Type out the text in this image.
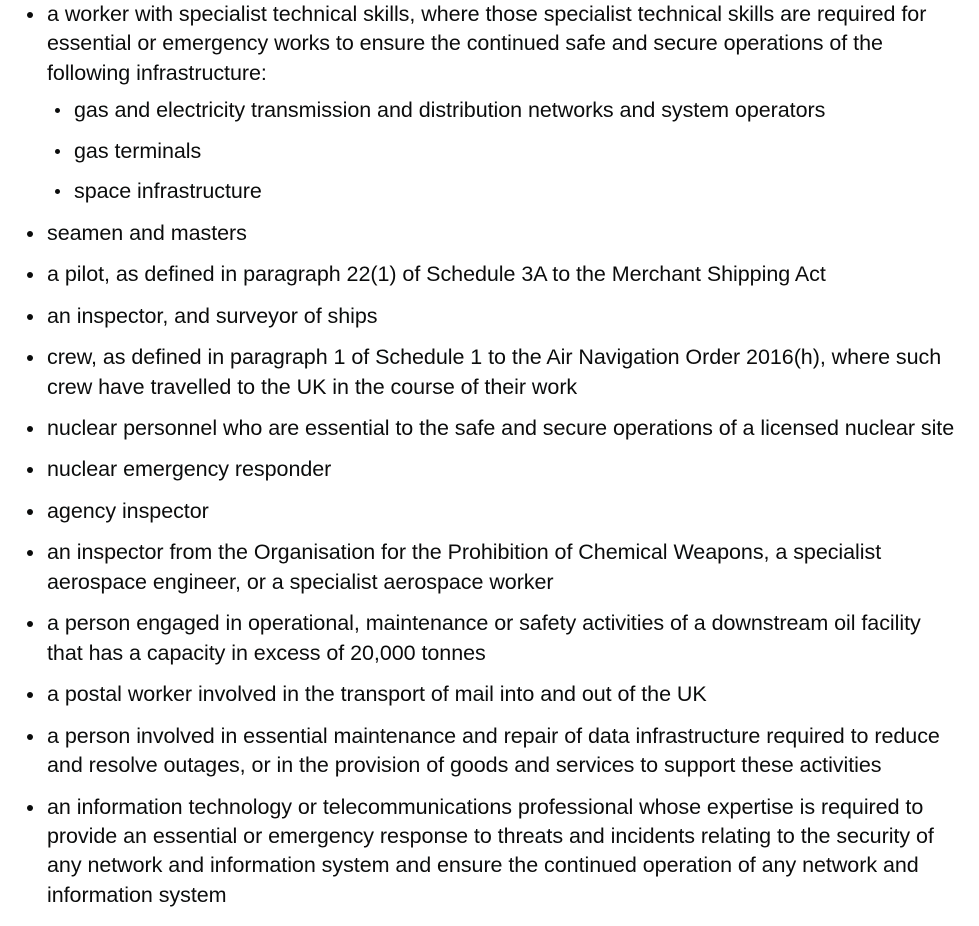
a worker with specialist technical skills, where those specialist technical skills are required for essential or emergency works to ensure the continued safe and secure operations of the following infrastructure:
gas and electricity transmission and distribution networks and system operators
gas terminals
space infrastructure
seamen and masters
a pilot, as defined in paragraph 22(1) of Schedule 3A to the Merchant Shipping Act
an inspector, and surveyor of ships
crew, as defined in paragraph 1 of Schedule 1 to the Air Navigation Order 2016(h), where such crew have travelled to the UK in the course of their work
nuclear personnel who are essential to the safe and secure operations of a licensed nuclear site
nuclear emergency responder
agency inspector
an inspector from the Organisation for the Prohibition of Chemical Weapons, a specialist aerospace engineer, or a specialist aerospace worker
a person engaged in operational, maintenance or safety activities of a downstream oil facility that has a capacity in excess of 20,000 tonnes
a postal worker involved in the transport of mail into and out of the UK
a person involved in essential maintenance and repair of data infrastructure required to reduce and resolve outages, or in the provision of goods and services to support these activities
an information technology or telecommunications professional whose expertise is required to provide an essential or emergency response to threats and incidents relating to the security of any network and information system and ensure the continued operation of any network and information system
